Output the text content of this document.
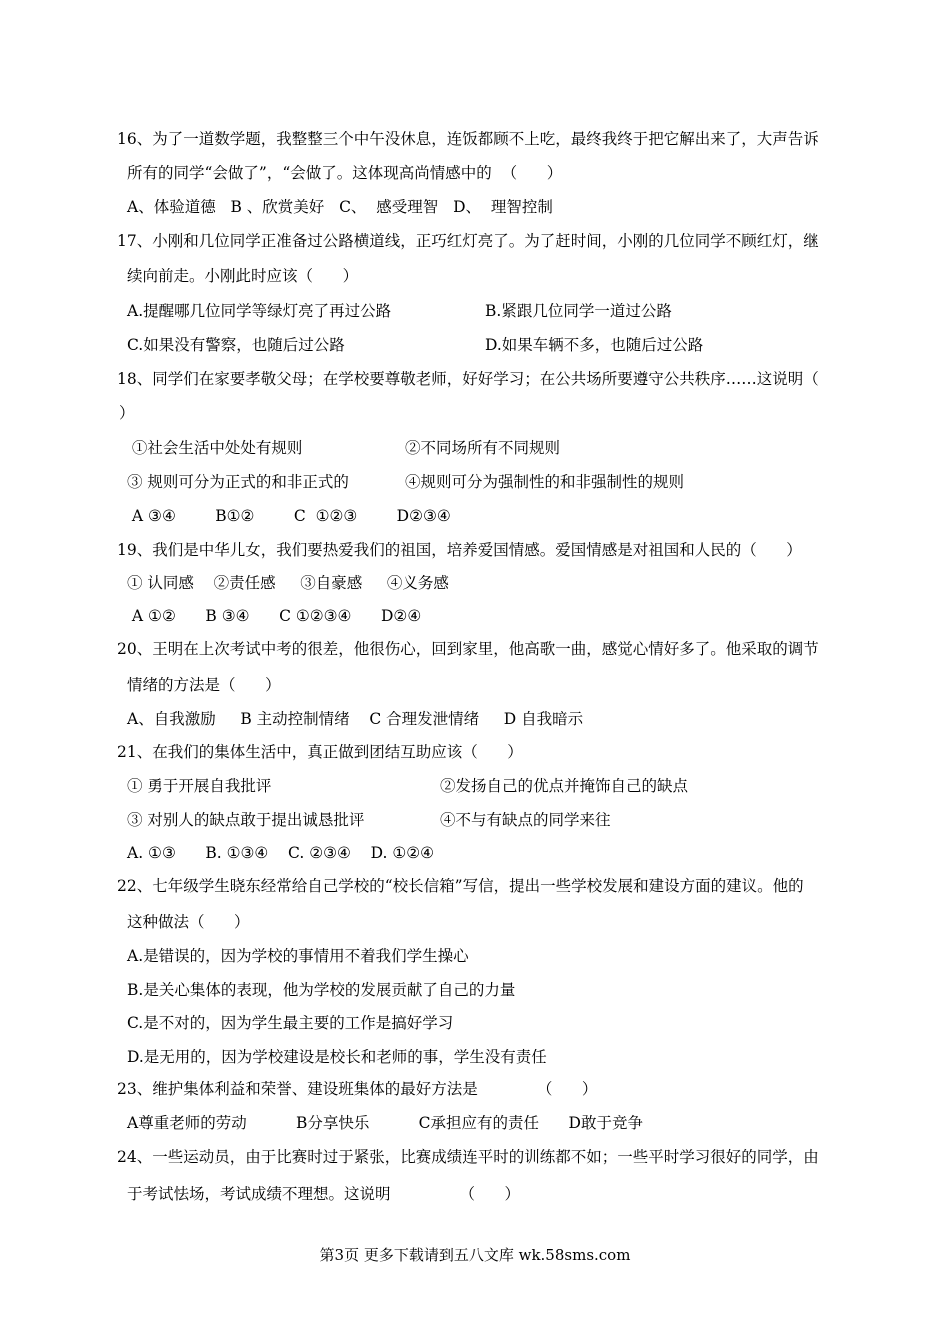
16、为了一道数学题，我整整三个中午没休息，连饭都顾不上吃，最终我终于把它解出来了，大声告诉
所有的同学“会做了”，“会做了。这体现高尚情感中的  （      ）
A、体验道德   B 、欣赏美好   C、  感受理智   D、  理智控制
17、小刚和几位同学正准备过公路横道线，正巧红灯亮了。为了赶时间，小刚的几位同学不顾红灯，继
续向前走。小刚此时应该（      ）
A.提醒哪几位同学等绿灯亮了再过公路	B.紧跟几位同学一道过公路
C.如果没有警察，也随后过公路	D.如果车辆不多，也随后过公路
18、同学们在家要孝敬父母；在学校要尊敬老师，好好学习；在公共场所要遵守公共秩序……这说明（
）
①社会生活中处处有规则	②不同场所有不同规则
③ 规则可分为正式的和非正式的	④规则可分为强制性的和非强制性的规则
A ③④        B①②        C  ①②③        D②③④
19、我们是中华儿女，我们要热爱我们的祖国，培养爱国情感。爱国情感是对祖国和人民的（      ）
① 认同感    ②责任感     ③自豪感     ④义务感
A ①②      B ③④      C ①②③④      D②④
20、王明在上次考试中考的很差，他很伤心，回到家里，他高歌一曲，感觉心情好多了。他采取的调节
情绪的方法是（      ）
A、自我激励     B 主动控制情绪    C 合理发泄情绪     D 自我暗示
21、在我们的集体生活中，真正做到团结互助应该（      ）
① 勇于开展自我批评	②发扬自己的优点并掩饰自己的缺点
③ 对别人的缺点敢于提出诚恳批评	④不与有缺点的同学来往
A. ①③      B. ①③④    C. ②③④    D. ①②④
22、七年级学生晓东经常给自己学校的“校长信箱”写信，提出一些学校发展和建设方面的建议。他的
这种做法（      ）
A.是错误的，因为学校的事情用不着我们学生操心
B.是关心集体的表现，他为学校的发展贡献了自己的力量
C.是不对的，因为学生最主要的工作是搞好学习
D.是无用的，因为学校建设是校长和老师的事，学生没有责任
23、维护集体利益和荣誉、建设班集体的最好方法是            （      ）
A尊重老师的劳动          B分享快乐          C承担应有的责任      D敢于竞争
24、一些运动员，由于比赛时过于紧张，比赛成绩连平时的训练都不如；一些平时学习很好的同学，由
于考试怯场，考试成绩不理想。这说明              （      ）
第3页 更多下载请到五八文库 wk.58sms.com
